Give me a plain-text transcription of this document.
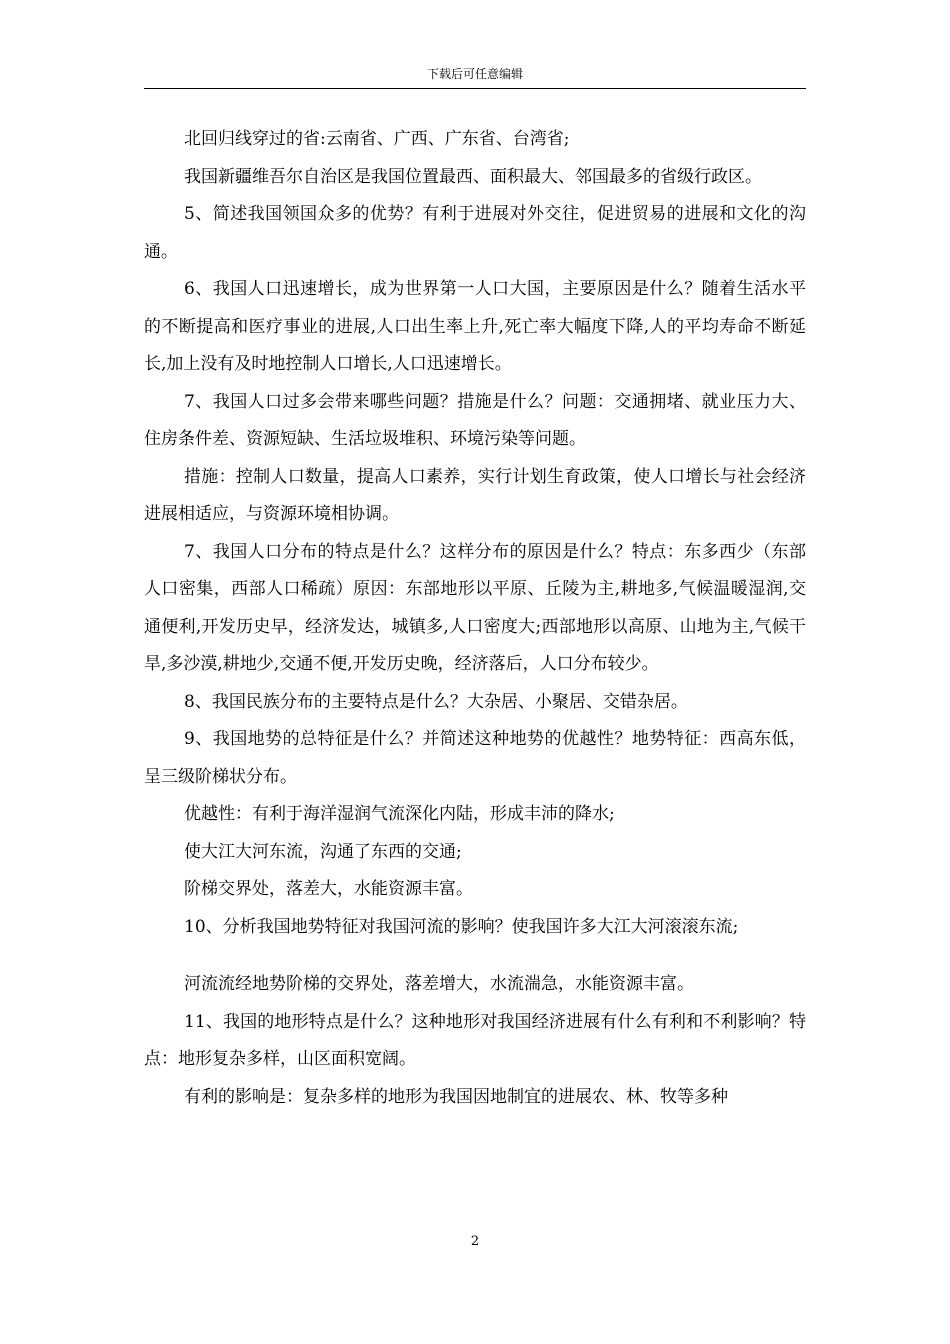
下载后可任意编辑

北回归线穿过的省:云南省、广西、广东省、台湾省;

我国新疆维吾尔自治区是我国位置最西、面积最大、邻国最多的省级行政区。

5、简述我国领国众多的优势？有利于进展对外交往，促进贸易的进展和文化的沟通。

6、我国人口迅速增长，成为世界第一人口大国，主要原因是什么？随着生活水平的不断提高和医疗事业的进展,人口出生率上升,死亡率大幅度下降,人的平均寿命不断延长,加上没有及时地控制人口增长,人口迅速增长。

7、我国人口过多会带来哪些问题？措施是什么？问题：交通拥堵、就业压力大、住房条件差、资源短缺、生活垃圾堆积、环境污染等问题。

措施：控制人口数量，提高人口素养，实行计划生育政策，使人口增长与社会经济进展相适应，与资源环境相协调。

7、我国人口分布的特点是什么？这样分布的原因是什么？特点：东多西少（东部人口密集，西部人口稀疏）原因：东部地形以平原、丘陵为主,耕地多,气候温暖湿润,交通便利,开发历史早，经济发达，城镇多,人口密度大;西部地形以高原、山地为主,气候干旱,多沙漠,耕地少,交通不便,开发历史晚，经济落后，人口分布较少。

8、我国民族分布的主要特点是什么？大杂居、小聚居、交错杂居。

9、我国地势的总特征是什么？并简述这种地势的优越性？地势特征：西高东低，呈三级阶梯状分布。

优越性：有利于海洋湿润气流深化内陆，形成丰沛的降水;

使大江大河东流，沟通了东西的交通;

阶梯交界处，落差大，水能资源丰富。

10、分析我国地势特征对我国河流的影响？使我国许多大江大河滚滚东流;

河流流经地势阶梯的交界处，落差增大，水流湍急，水能资源丰富。

11、我国的地形特点是什么？这种地形对我国经济进展有什么有利和不利影响？特点：地形复杂多样，山区面积宽阔。

有利的影响是：复杂多样的地形为我国因地制宜的进展农、林、牧等多种

2
